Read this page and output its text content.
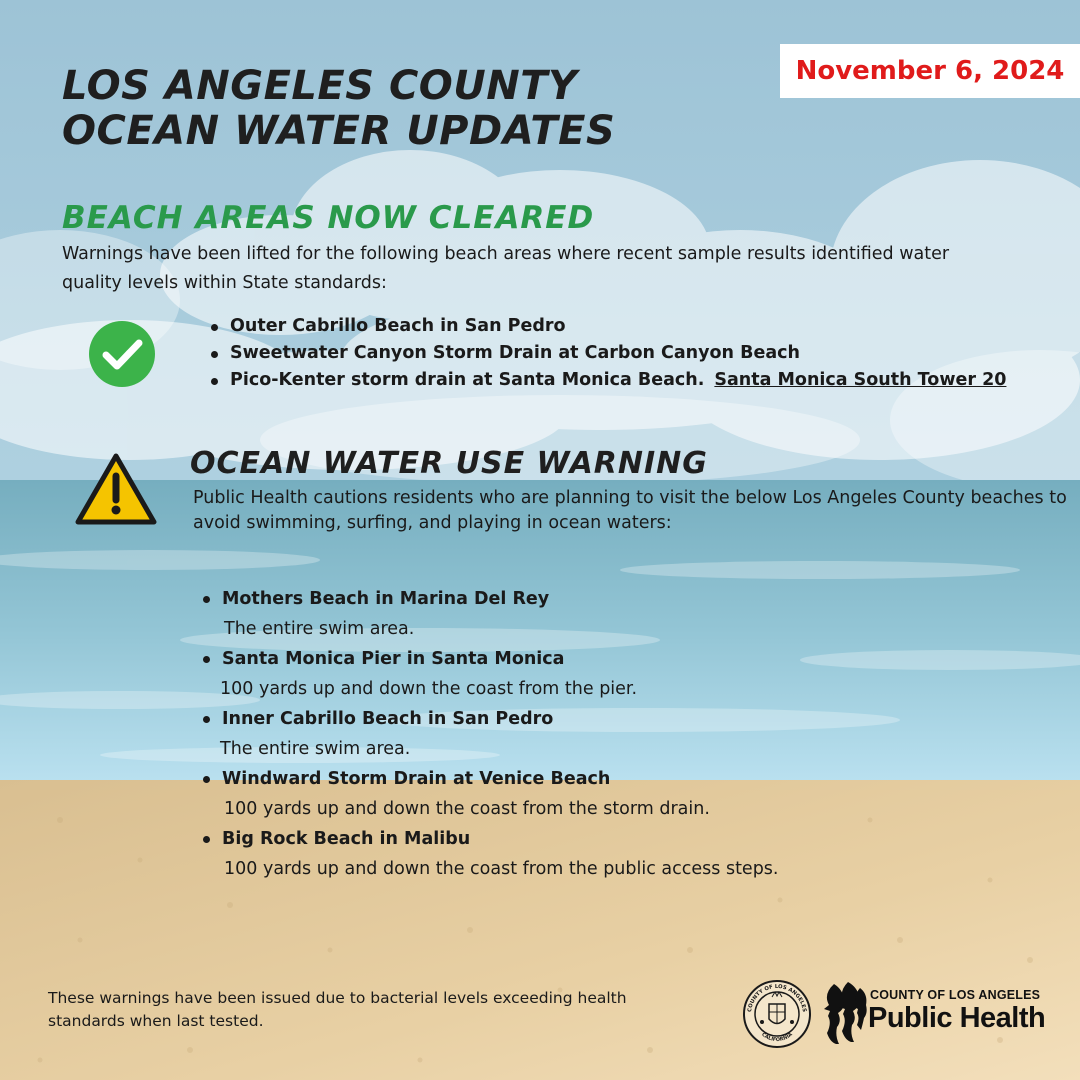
LOS ANGELES COUNTY
OCEAN WATER UPDATES
November 6, 2024
BEACH AREAS NOW CLEARED

Warnings have been lifted for the following beach areas where recent sample results identified water quality levels within State standards:

Outer Cabrillo Beach in San Pedro
Sweetwater Canyon Storm Drain at Carbon Canyon Beach
Pico-Kenter storm drain at Santa Monica Beach. Santa Monica South Tower 20
OCEAN WATER USE WARNING

Public Health cautions residents who are planning to visit the below Los Angeles County beaches to avoid swimming, surfing, and playing in ocean waters:

Mothers Beach in Marina Del Rey
The entire swim area.
Santa Monica Pier in Santa Monica
100 yards up and down the coast from the pier.
Inner Cabrillo Beach in San Pedro
The entire swim area.
Windward Storm Drain at Venice Beach
100 yards up and down the coast from the storm drain.
Big Rock Beach in Malibu
100 yards up and down the coast from the public access steps.

These warnings have been issued due to bacterial levels exceeding health standards when last tested.

COUNTY OF LOS ANGELES
CALIFORNIA
COUNTY OF LOS ANGELES
Public Health
